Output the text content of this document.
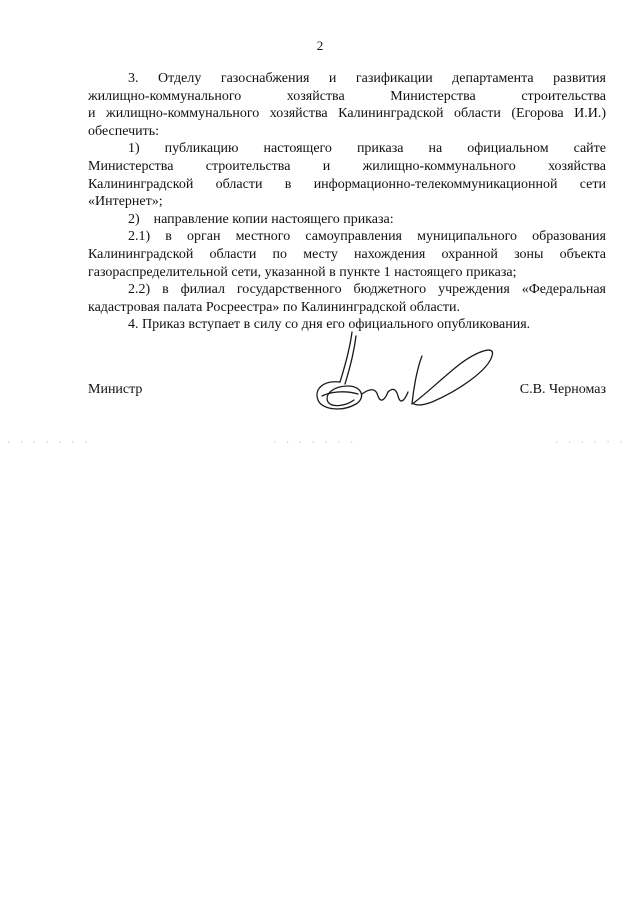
2
3. Отделу газоснабжения и газификации департамента развития
жилищно-коммунального хозяйства Министерства строительства
и жилищно-коммунального хозяйства Калининградской области (Егорова И.И.)
обеспечить:
1) публикацию настоящего приказа на официальном сайте
Министерства строительства и жилищно-коммунального хозяйства
Калининградской области в информационно-телекоммуникационной сети
«Интернет»;
2)    направление копии настоящего приказа:
2.1) в орган местного самоуправления муниципального образования
Калининградской области по месту нахождения охранной зоны объекта
газораспределительной сети, указанной в пункте 1 настоящего приказа;
2.2) в филиал государственного бюджетного учреждения «Федеральная
кадастровая палата Росреестра» по Калининградской области.
4. Приказ вступает в силу со дня его официального опубликования.
Министр	С.В. Черномаз
· · · · · · ·	· · · · · · ·	· · · · · ·
